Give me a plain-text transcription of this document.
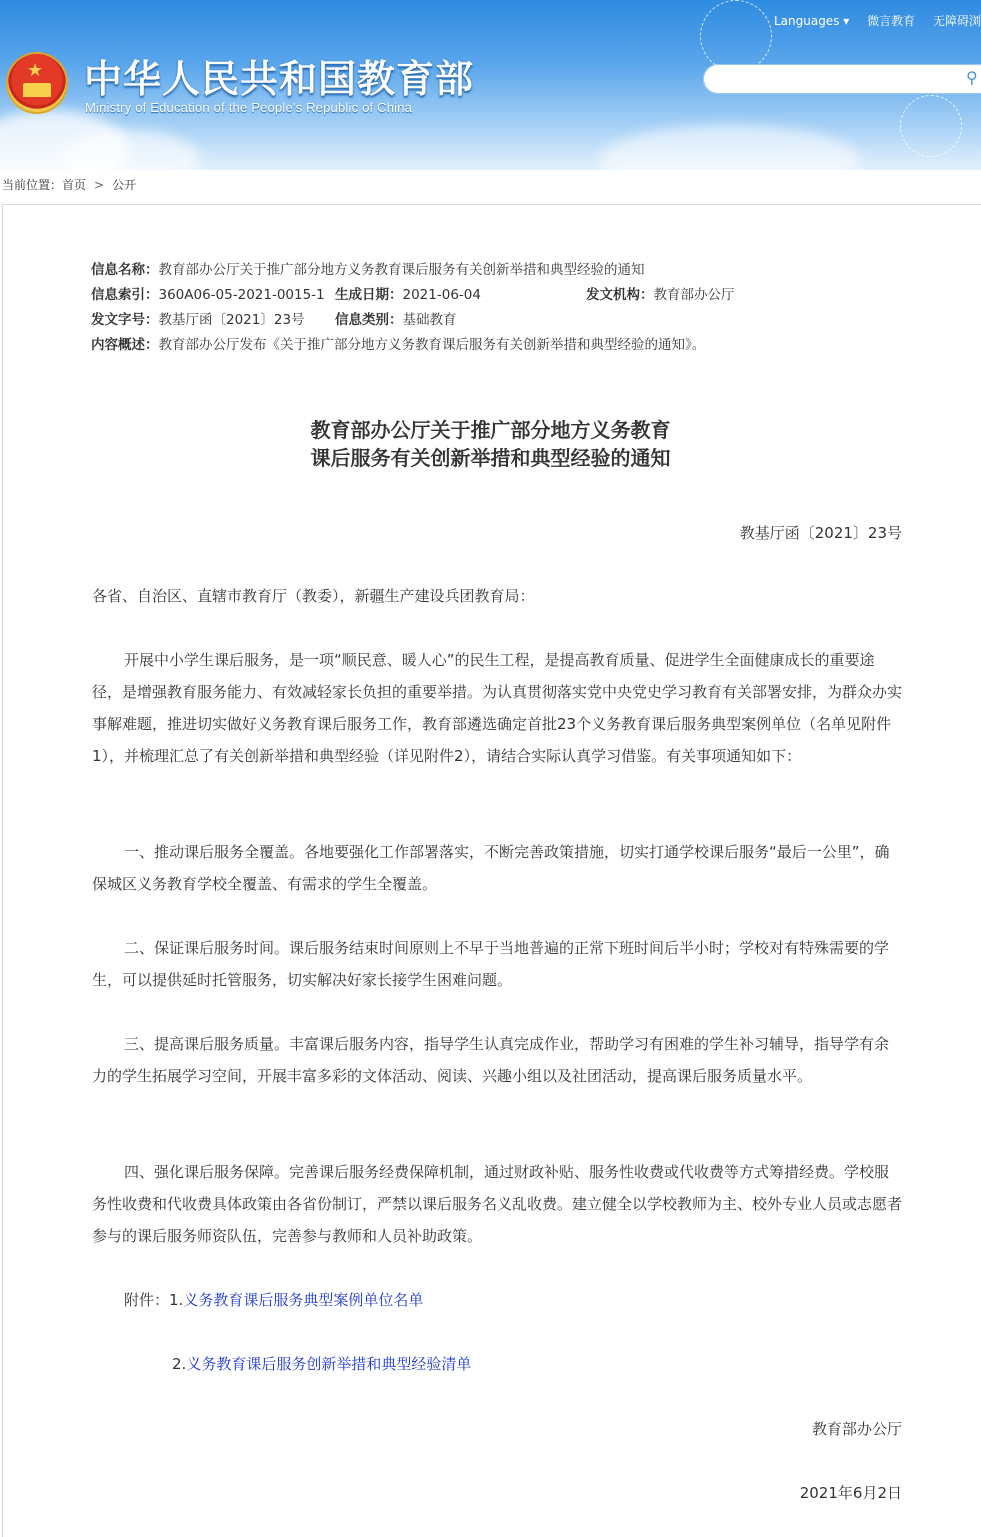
★ 中华人民共和国教育部
Ministry of Education of the People's Republic of China
Languages ▾ 微言教育 无障碍浏
⚲
当前位置：首页 > 公开
信息名称：教育部办公厅关于推广部分地方义务教育课后服务有关创新举措和典型经验的通知
信息索引：360A06-05-2021-0015-1 生成日期：2021-06-04	发文机构：教育部办公厅
发文字号：教基厅函〔2021〕23号 信息类别：基础教育
内容概述：教育部办公厅发布《关于推广部分地方义务教育课后服务有关创新举措和典型经验的通知》。
教育部办公厅关于推广部分地方义务教育
课后服务有关创新举措和典型经验的通知
教基厅函〔2021〕23号

各省、自治区、直辖市教育厅（教委），新疆生产建设兵团教育局：

开展中小学生课后服务，是一项“顺民意、暖人心”的民生工程，是提高教育质量、促进学生全面健康成长的重要途径，是增强教育服务能力、有效减轻家长负担的重要举措。为认真贯彻落实党中央党史学习教育有关部署安排，为群众办实事解难题，推进切实做好义务教育课后服务工作，教育部遴选确定首批23个义务教育课后服务典型案例单位（名单见附件1），并梳理汇总了有关创新举措和典型经验（详见附件2），请结合实际认真学习借鉴。有关事项通知如下：

一、推动课后服务全覆盖。各地要强化工作部署落实，不断完善政策措施，切实打通学校课后服务“最后一公里”，确保城区义务教育学校全覆盖、有需求的学生全覆盖。

二、保证课后服务时间。课后服务结束时间原则上不早于当地普遍的正常下班时间后半小时；学校对有特殊需要的学生，可以提供延时托管服务，切实解决好家长接学生困难问题。

三、提高课后服务质量。丰富课后服务内容，指导学生认真完成作业，帮助学习有困难的学生补习辅导，指导学有余力的学生拓展学习空间，开展丰富多彩的文体活动、阅读、兴趣小组以及社团活动，提高课后服务质量水平。

四、强化课后服务保障。完善课后服务经费保障机制，通过财政补贴、服务性收费或代收费等方式筹措经费。学校服务性收费和代收费具体政策由各省份制订，严禁以课后服务名义乱收费。建立健全以学校教师为主、校外专业人员或志愿者参与的课后服务师资队伍，完善参与教师和人员补助政策。

附件：1.义务教育课后服务典型案例单位名单

2.义务教育课后服务创新举措和典型经验清单

教育部办公厅
2021年6月2日
